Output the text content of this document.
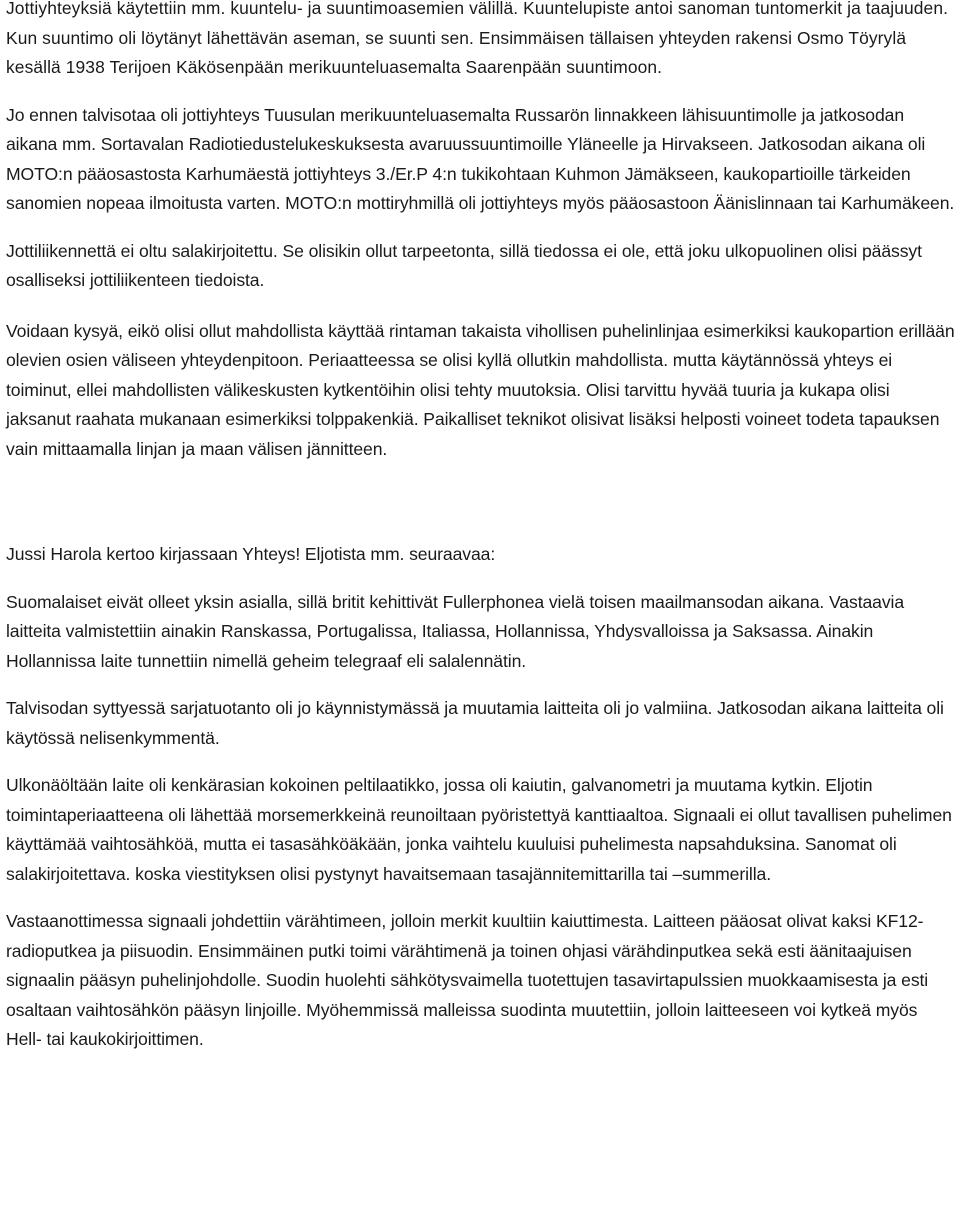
Jottiyhteyksiä käytettiin mm. kuuntelu- ja suuntimoasemien välillä. Kuuntelupiste antoi sanoman tuntomerkit ja taajuuden. Kun suuntimo oli löytänyt lähettävän aseman, se suunti sen. Ensimmäisen tällaisen yhteyden rakensi Osmo Töyrylä kesällä 1938 Terijoen Käkösenpään merikuunteluasemalta Saarenpään suuntimoon.

Jo ennen talvisotaa oli jottiyhteys Tuusulan merikuunteluasemalta Russarön linnakkeen lähisuuntimolle ja jatkosodan aikana mm. Sortavalan Radiotiedustelukeskuksesta avaruussuuntimoille Yläneelle ja Hirvakseen. Jatkosodan aikana oli MOTO:n pääosastosta Karhumäestä jottiyhteys 3./Er.P 4:n tukikohtaan Kuhmon Jämäkseen, kaukopartioille tärkeiden sanomien nopeaa ilmoitusta varten. MOTO:n mottiryhmillä oli jottiyhteys myös pääosastoon Äänislinnaan tai Karhumäkeen.

Jottiliikennettä ei oltu salakirjoitettu. Se olisikin ollut tarpeetonta, sillä tiedossa ei ole, että joku ulkopuolinen olisi päässyt osalliseksi jottiliikenteen tiedoista.

Voidaan kysyä, eikö olisi ollut mahdollista käyttää rintaman takaista vihollisen puhelinlinjaa esimerkiksi kaukopartion erillään olevien osien väliseen yhteydenpitoon. Periaatteessa se olisi kyllä ollutkin mahdollista. mutta käytännössä yhteys ei toiminut, ellei mahdollisten välikeskusten kytkentöihin olisi tehty muutoksia. Olisi tarvittu hyvää tuuria ja kukapa olisi jaksanut raahata mukanaan esimerkiksi tolppakenkiä. Paikalliset teknikot olisivat lisäksi helposti voineet todeta tapauksen vain mittaamalla linjan ja maan välisen jännitteen.

Jussi Harola kertoo kirjassaan Yhteys! Eljotista mm. seuraavaa:

Suomalaiset eivät olleet yksin asialla, sillä britit kehittivät Fullerphonea vielä toisen maailmansodan aikana. Vastaavia laitteita valmistettiin ainakin Ranskassa, Portugalissa, Italiassa, Hollannissa, Yhdysvalloissa ja Saksassa. Ainakin Hollannissa laite tunnettiin nimellä geheim telegraaf eli salalennätin.

Talvisodan syttyessä sarjatuotanto oli jo käynnistymässä ja muutamia laitteita oli jo valmiina. Jatkosodan aikana laitteita oli käytössä nelisenkymmentä.

Ulkonäöltään laite oli kenkärasian kokoinen peltilaatikko, jossa oli kaiutin, galvanometri ja muutama kytkin. Eljotin toimintaperiaatteena oli lähettää morsemerkkeinä reunoiltaan pyöristettyä kanttiaaltoa. Signaali ei ollut tavallisen puhelimen käyttämää vaihtosähköä, mutta ei tasasähköäkään, jonka vaihtelu kuuluisi puhelimesta napsahduksina. Sanomat oli salakirjoitettava. koska viestityksen olisi pystynyt havaitsemaan tasajännitemittarilla tai –summerilla.

Vastaanottimessa signaali johdettiin värähtimeen, jolloin merkit kuultiin kaiuttimesta. Laitteen pääosat olivat kaksi KF12-radioputkea ja piisuodin. Ensimmäinen putki toimi värähtimenä ja toinen ohjasi värähdinputkea sekä esti äänitaajuisen signaalin pääsyn puhelinjohdolle. Suodin huolehti sähkötysvaimella tuotettujen tasavirtapulssien muokkaamisesta ja esti osaltaan vaihtosähkön pääsyn linjoille. Myöhemmissä malleissa suodinta muutettiin, jolloin laitteeseen voi kytkeä myös Hell- tai kaukokirjoittimen.
